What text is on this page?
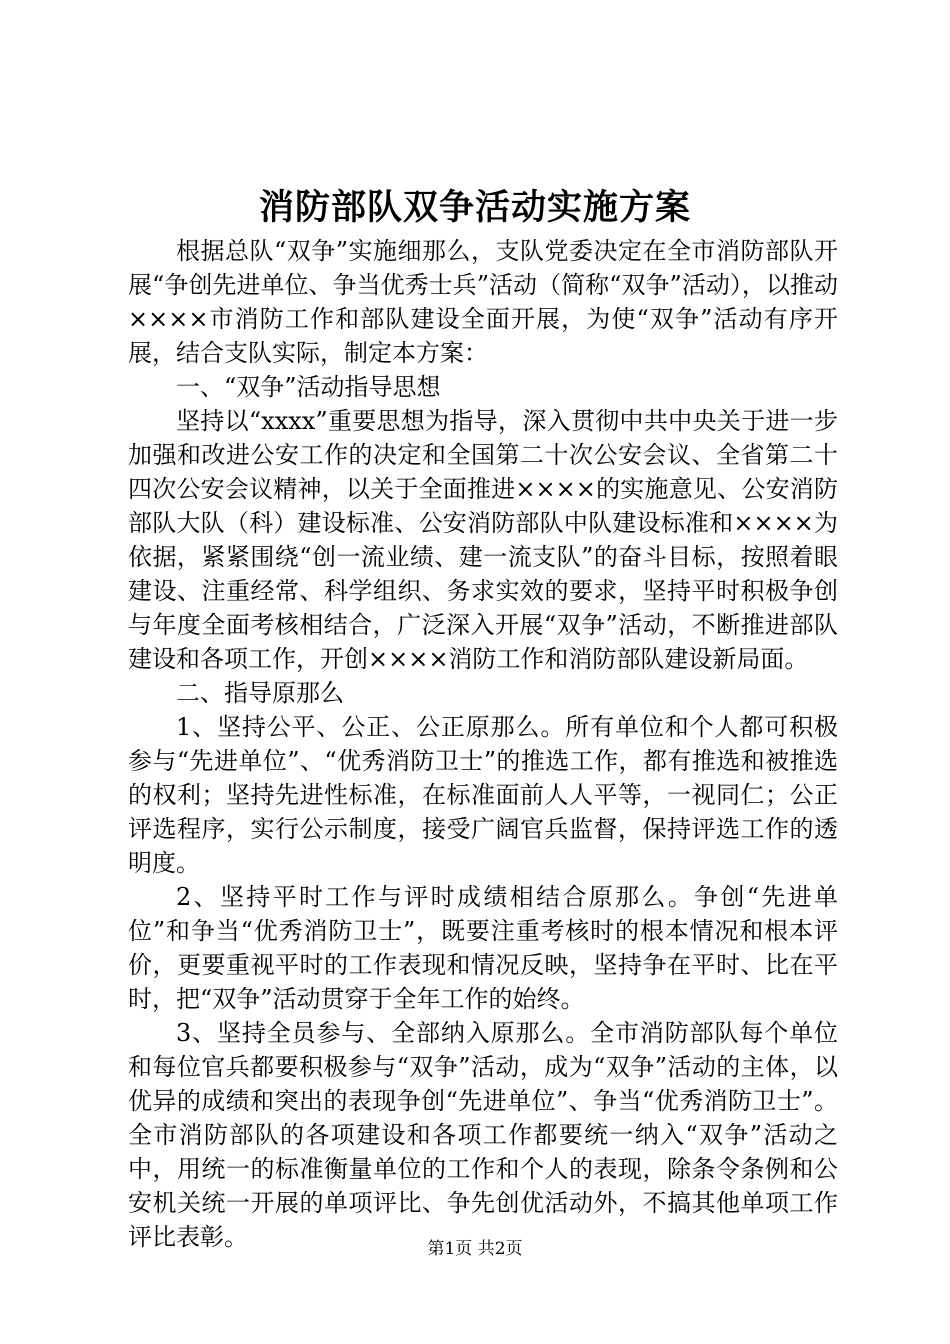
消防部队双争活动实施方案

根据总队“双争”实施细那么，支队党委决定在全市消防部队开展“争创先进单位、争当优秀士兵”活动（简称“双争”活动），以推动××××市消防工作和部队建设全面开展，为使“双争”活动有序开展，结合支队实际，制定本方案：

一、“双争”活动指导思想

坚持以“xxxx”重要思想为指导，深入贯彻中共中央关于进一步加强和改进公安工作的决定和全国第二十次公安会议、全省第二十四次公安会议精神，以关于全面推进××××的实施意见、公安消防部队大队（科）建设标准、公安消防部队中队建设标准和××××为依据，紧紧围绕“创一流业绩、建一流支队”的奋斗目标，按照着眼建设、注重经常、科学组织、务求实效的要求，坚持平时积极争创与年度全面考核相结合，广泛深入开展“双争”活动，不断推进部队建设和各项工作，开创××××消防工作和消防部队建设新局面。

二、指导原那么

1、坚持公平、公正、公正原那么。所有单位和个人都可积极参与“先进单位”、“优秀消防卫士”的推选工作，都有推选和被推选的权利；坚持先进性标准，在标准面前人人平等，一视同仁；公正评选程序，实行公示制度，接受广阔官兵监督，保持评选工作的透明度。

2、坚持平时工作与评时成绩相结合原那么。争创“先进单位”和争当“优秀消防卫士”，既要注重考核时的根本情况和根本评价，更要重视平时的工作表现和情况反映，坚持争在平时、比在平时，把“双争”活动贯穿于全年工作的始终。

3、坚持全员参与、全部纳入原那么。全市消防部队每个单位和每位官兵都要积极参与“双争”活动，成为“双争”活动的主体，以优异的成绩和突出的表现争创“先进单位”、争当“优秀消防卫士”。全市消防部队的各项建设和各项工作都要统一纳入“双争”活动之中，用统一的标准衡量单位的工作和个人的表现，除条令条例和公安机关统一开展的单项评比、争先创优活动外，不搞其他单项工作评比表彰。	第1页 共2页
